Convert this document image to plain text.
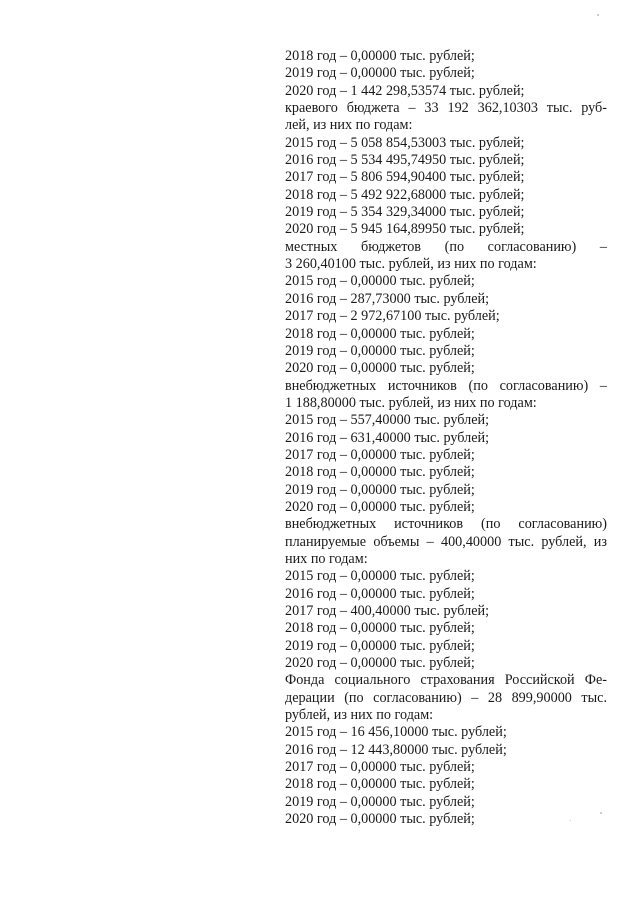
2018 год – 0,00000 тыс. рублей;
2019 год – 0,00000 тыс. рублей;
2020 год – 1 442 298,53574 тыс. рублей;
краевого бюджета – 33 192 362,10303 тыс. руб-
лей, из них по годам:
2015 год – 5 058 854,53003 тыс. рублей;
2016 год – 5 534 495,74950 тыс. рублей;
2017 год – 5 806 594,90400 тыс. рублей;
2018 год – 5 492 922,68000 тыс. рублей;
2019 год – 5 354 329,34000 тыс. рублей;
2020 год – 5 945 164,89950 тыс. рублей;
местных бюджетов (по согласованию) –
3 260,40100 тыс. рублей, из них по годам:
2015 год – 0,00000 тыс. рублей;
2016 год – 287,73000 тыс. рублей;
2017 год – 2 972,67100 тыс. рублей;
2018 год – 0,00000 тыс. рублей;
2019 год – 0,00000 тыс. рублей;
2020 год – 0,00000 тыс. рублей;
внебюджетных источников (по согласованию) –
1 188,80000 тыс. рублей, из них по годам:
2015 год – 557,40000 тыс. рублей;
2016 год – 631,40000 тыс. рублей;
2017 год – 0,00000 тыс. рублей;
2018 год – 0,00000 тыс. рублей;
2019 год – 0,00000 тыс. рублей;
2020 год – 0,00000 тыс. рублей;
внебюджетных источников (по согласованию)
планируемые объемы – 400,40000 тыс. рублей, из
них по годам:
2015 год – 0,00000 тыс. рублей;
2016 год – 0,00000 тыс. рублей;
2017 год – 400,40000 тыс. рублей;
2018 год – 0,00000 тыс. рублей;
2019 год – 0,00000 тыс. рублей;
2020 год – 0,00000 тыс. рублей;
Фонда социального страхования Российской Фе-
дерации (по согласованию) – 28 899,90000 тыс.
рублей, из них по годам:
2015 год – 16 456,10000 тыс. рублей;
2016 год – 12 443,80000 тыс. рублей;
2017 год – 0,00000 тыс. рублей;
2018 год – 0,00000 тыс. рублей;
2019 год – 0,00000 тыс. рублей;
2020 год – 0,00000 тыс. рублей;
